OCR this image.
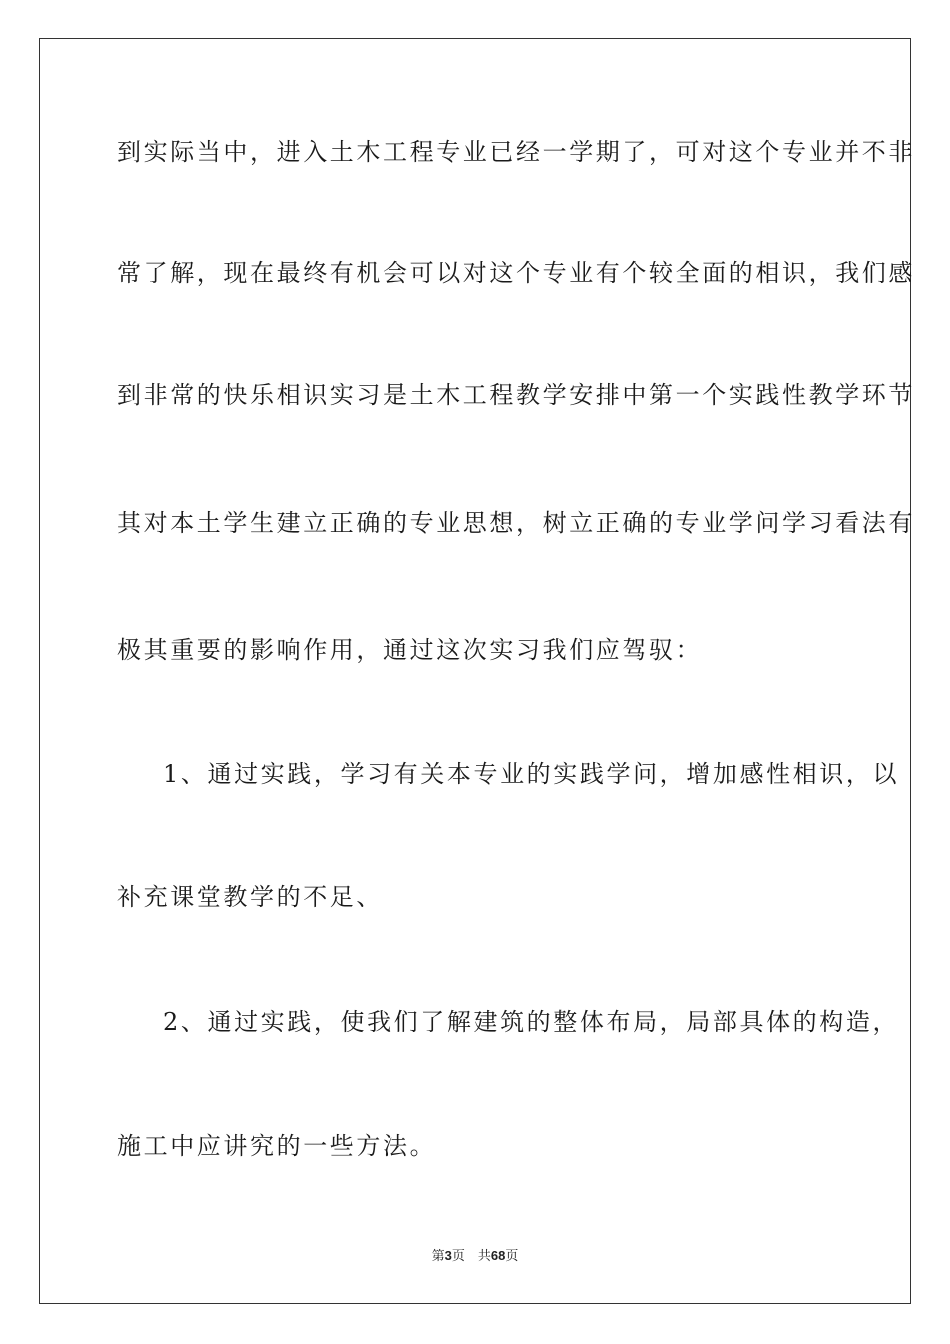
到实际当中，进入土木工程专业已经一学期了，可对这个专业并不非
常了解，现在最终有机会可以对这个专业有个较全面的相识，我们感
到非常的快乐相识实习是土木工程教学安排中第一个实践性教学环节
其对本土学生建立正确的专业思想，树立正确的专业学问学习看法有
极其重要的影响作用，通过这次实习我们应驾驭：
1、通过实践，学习有关本专业的实践学问，增加感性相识，以
补充课堂教学的不足、
2、通过实践，使我们了解建筑的整体布局，局部具体的构造，
施工中应讲究的一些方法。
第3页　共68页
